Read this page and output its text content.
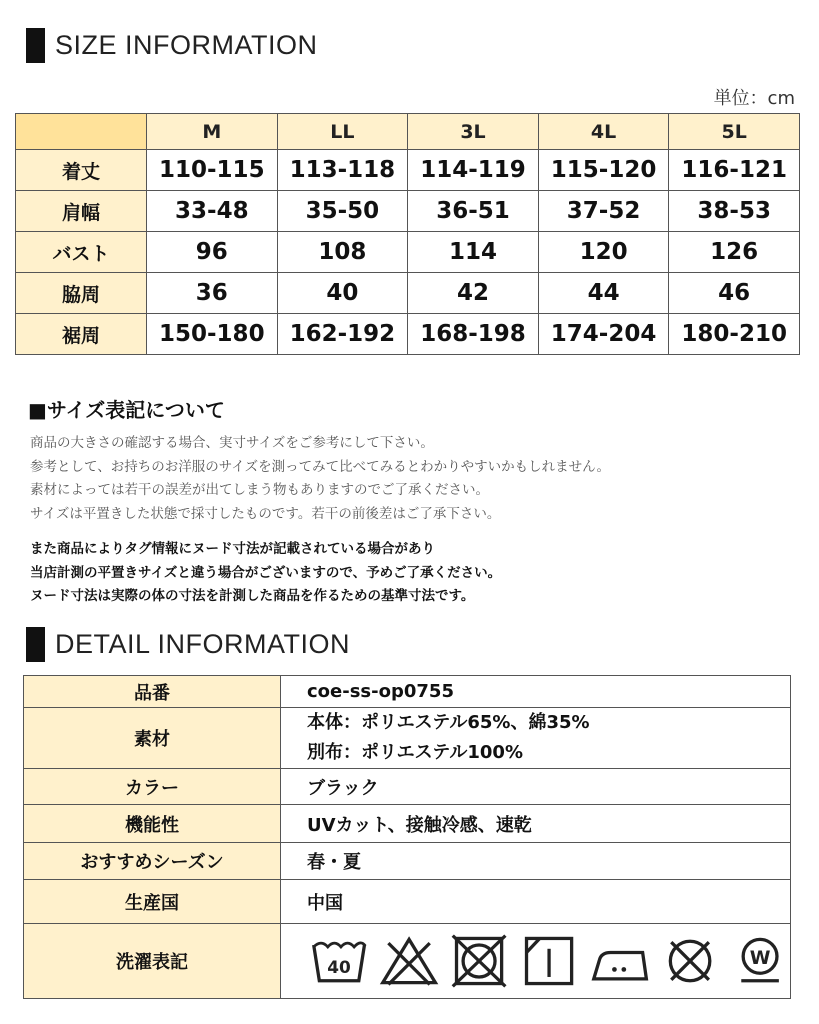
SIZE INFORMATION
単位：cm
	M	LL	3L	4L	5L
着丈	110-115	113-118	114-119	115-120	116-121
肩幅	33-48	35-50	36-51	37-52	38-53
バスト	96	108	114	120	126
脇周	36	40	42	44	46
裾周	150-180	162-192	168-198	174-204	180-210
■サイズ表記について
商品の大きさの確認する場合、実寸サイズをご参考にして下さい。
参考として、お持ちのお洋服のサイズを測ってみて比べてみるとわかりやすいかもしれません。
素材によっては若干の誤差が出てしまう物もありますのでご了承ください。
サイズは平置きした状態で採寸したものです。若干の前後差はご了承下さい。
また商品によりタグ情報にヌード寸法が記載されている場合があり
当店計測の平置きサイズと違う場合がございますので、予めご了承ください。
ヌード寸法は実際の体の寸法を計測した商品を作るための基準寸法です。
DETAIL INFORMATION
品番	coe-ss-op0755
素材	本体：ポリエステル65%、綿35%
別布：ポリエステル100%

カラー	ブラック
機能性	UVカット、接触冷感、速乾
おすすめシーズン	春・夏
生産国	中国
洗濯表記	40 W
